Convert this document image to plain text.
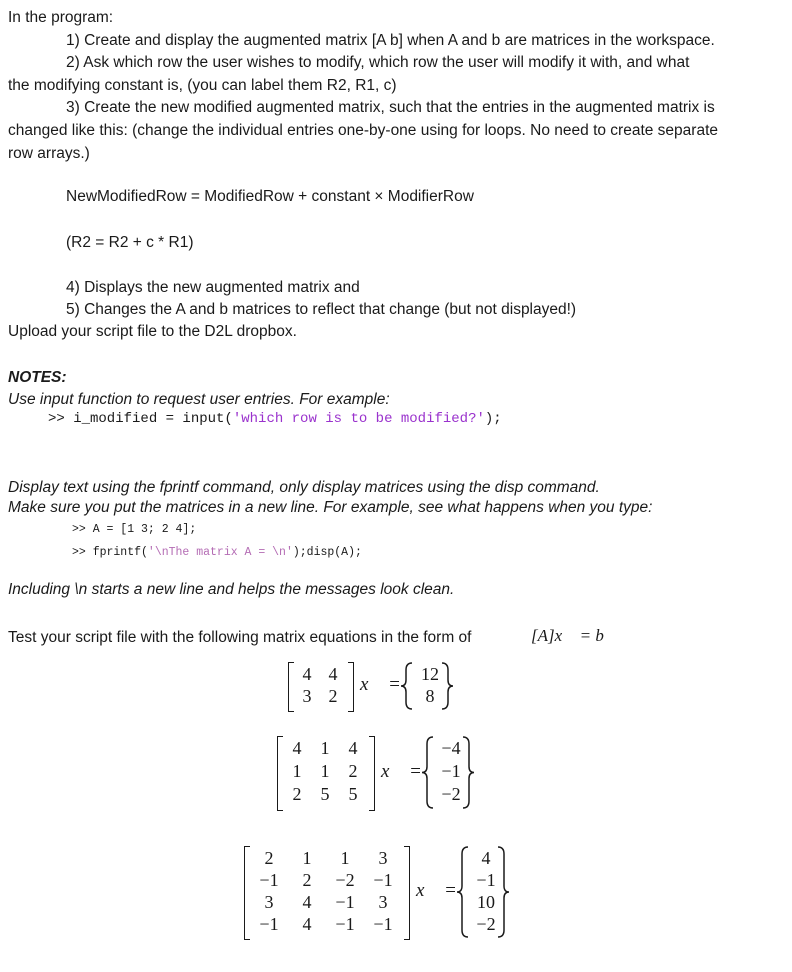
In the program:
1) Create and display the augmented matrix [A b] when A and b are matrices in the workspace.
2) Ask which row the user wishes to modify, which row the user will modify it with, and what
the modifying constant is, (you can label them R2, R1, c)
3) Create the new modified augmented matrix, such that the entries in the augmented matrix is
changed like this: (change the individual entries one-by-one using for loops. No need to create separate
row arrays.)
NewModifiedRow = ModifiedRow + constant × ModifierRow
(R2 = R2 + c * R1)
4) Displays the new augmented matrix and
5) Changes the A and b matrices to reflect that change (but not displayed!)
Upload your script file to the D2L dropbox.
NOTES:
Use input function to request user entries. For example:
>> i_modified = input('which row is to be modified?');
Display text using the fprintf command, only display matrices using the disp command.
Make sure you put the matrices in a new line. For example, see what happens when you type:
>> A = [1 3; 2 4];
>> fprintf('\nThe matrix A = \n');disp(A);
Including \n starts a new line and helps the messages look clean.
Test your script file with the following matrix equations in the form of	[A]x⃗ = b⃗
4 4
3 2
x⃗ =	12
8
4	1	4
1	1	2
2	5	5
x⃗ =
−4
−1
−2
2	1	1	3
−1	2	−2	−1
3	4	−1	3
−1	4	−1	−1
x⃗ =
4
−1
10
−2
